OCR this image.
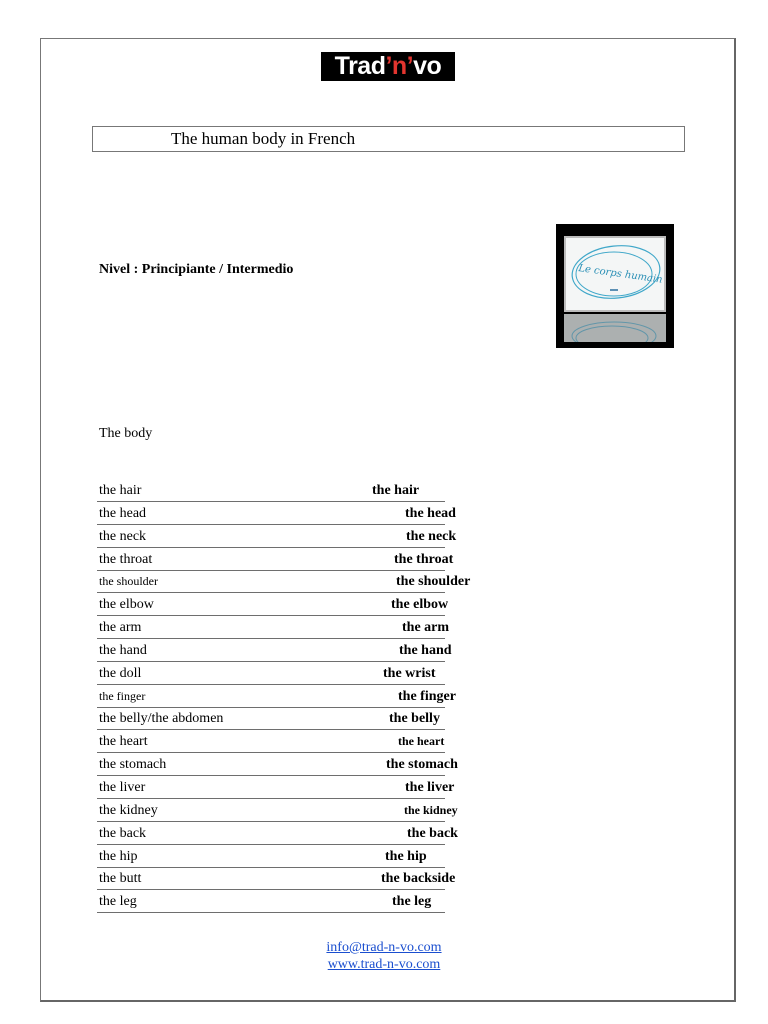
Trad’n’vo
The human body in French
Nivel : Principiante / Intermedio	Le corps humain
The body
the hair	the hair
the head	the head
the neck	the neck
the throat	the throat
the shoulder	the shoulder
the elbow	the elbow
the arm	the arm
the hand	the hand
the doll	the wrist
the finger	the finger
the belly/the abdomen	the belly
the heart	the heart
the stomach	the stomach
the liver	the liver
the kidney	the kidney
the back	the back
the hip	the hip
the butt	the backside
the leg	the leg
info@trad-n-vo.com
www.trad-n-vo.com
